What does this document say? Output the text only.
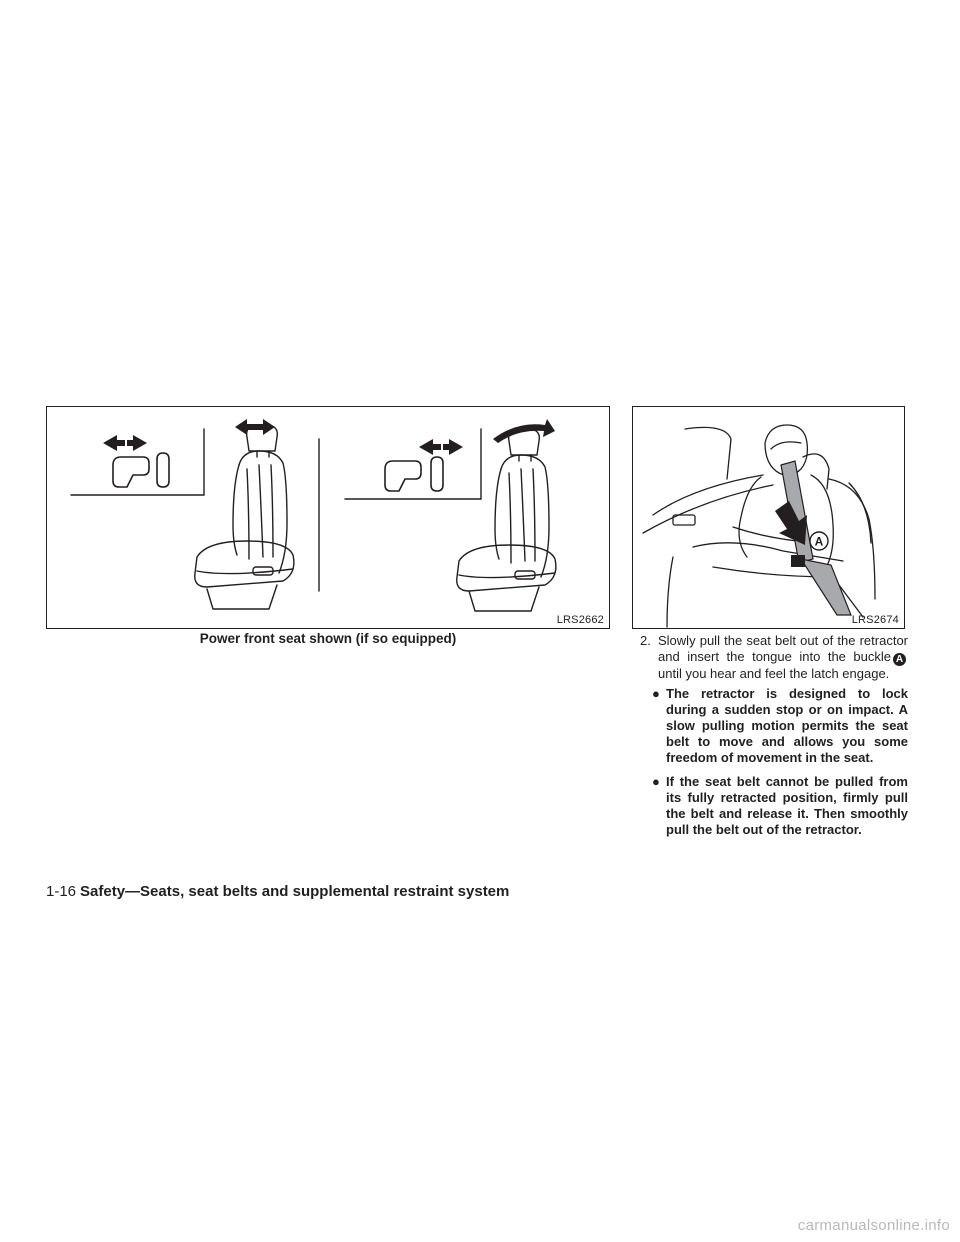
LRS2662
A
LRS2674
Power front seat shown (if so equipped)	2. Slowly pull the seat belt out of the retractor and insert the tongue into the buckle Auntil you hear and feel the latch engage.
● The retractor is designed to lock during a sudden stop or on impact. A slow pulling motion permits the seat belt to move and allows you some freedom of movement in the seat.
● If the seat belt cannot be pulled from its fully retracted position, firmly pull the belt and release it. Then smoothly pull the belt out of the retractor.
1-16 Safety—Seats, seat belts and supplemental restraint system
carmanualsonline.info
